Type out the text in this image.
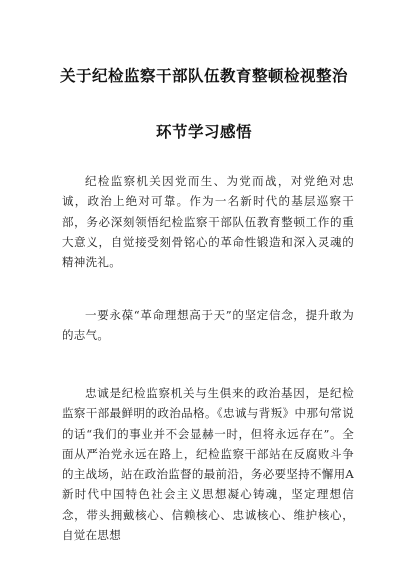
关于纪检监察干部队伍教育整顿检视整治
环节学习感悟
纪检监察机关因党而生、为党而战，对党绝对忠诚，政治上绝对可靠。作为一名新时代的基层巡察干部，务必深刻领悟纪检监察干部队伍教育整顿工作的重大意义，自觉接受刻骨铭心的革命性锻造和深入灵魂的精神洗礼。
一要永葆“革命理想高于天”的坚定信念，提升敢为的志气。
忠诚是纪检监察机关与生俱来的政治基因，是纪检监察干部最鲜明的政治品格。《忠诚与背叛》中那句常说的话“我们的事业并不会显赫一时，但将永远存在”。全面从严治党永远在路上，纪检监察干部站在反腐败斗争的主战场，站在政治监督的最前沿，务必要坚持不懈用A新时代中国特色社会主义思想凝心铸魂，坚定理想信念，带头拥戴核心、信赖核心、忠诚核心、维护核心，自觉在思想
